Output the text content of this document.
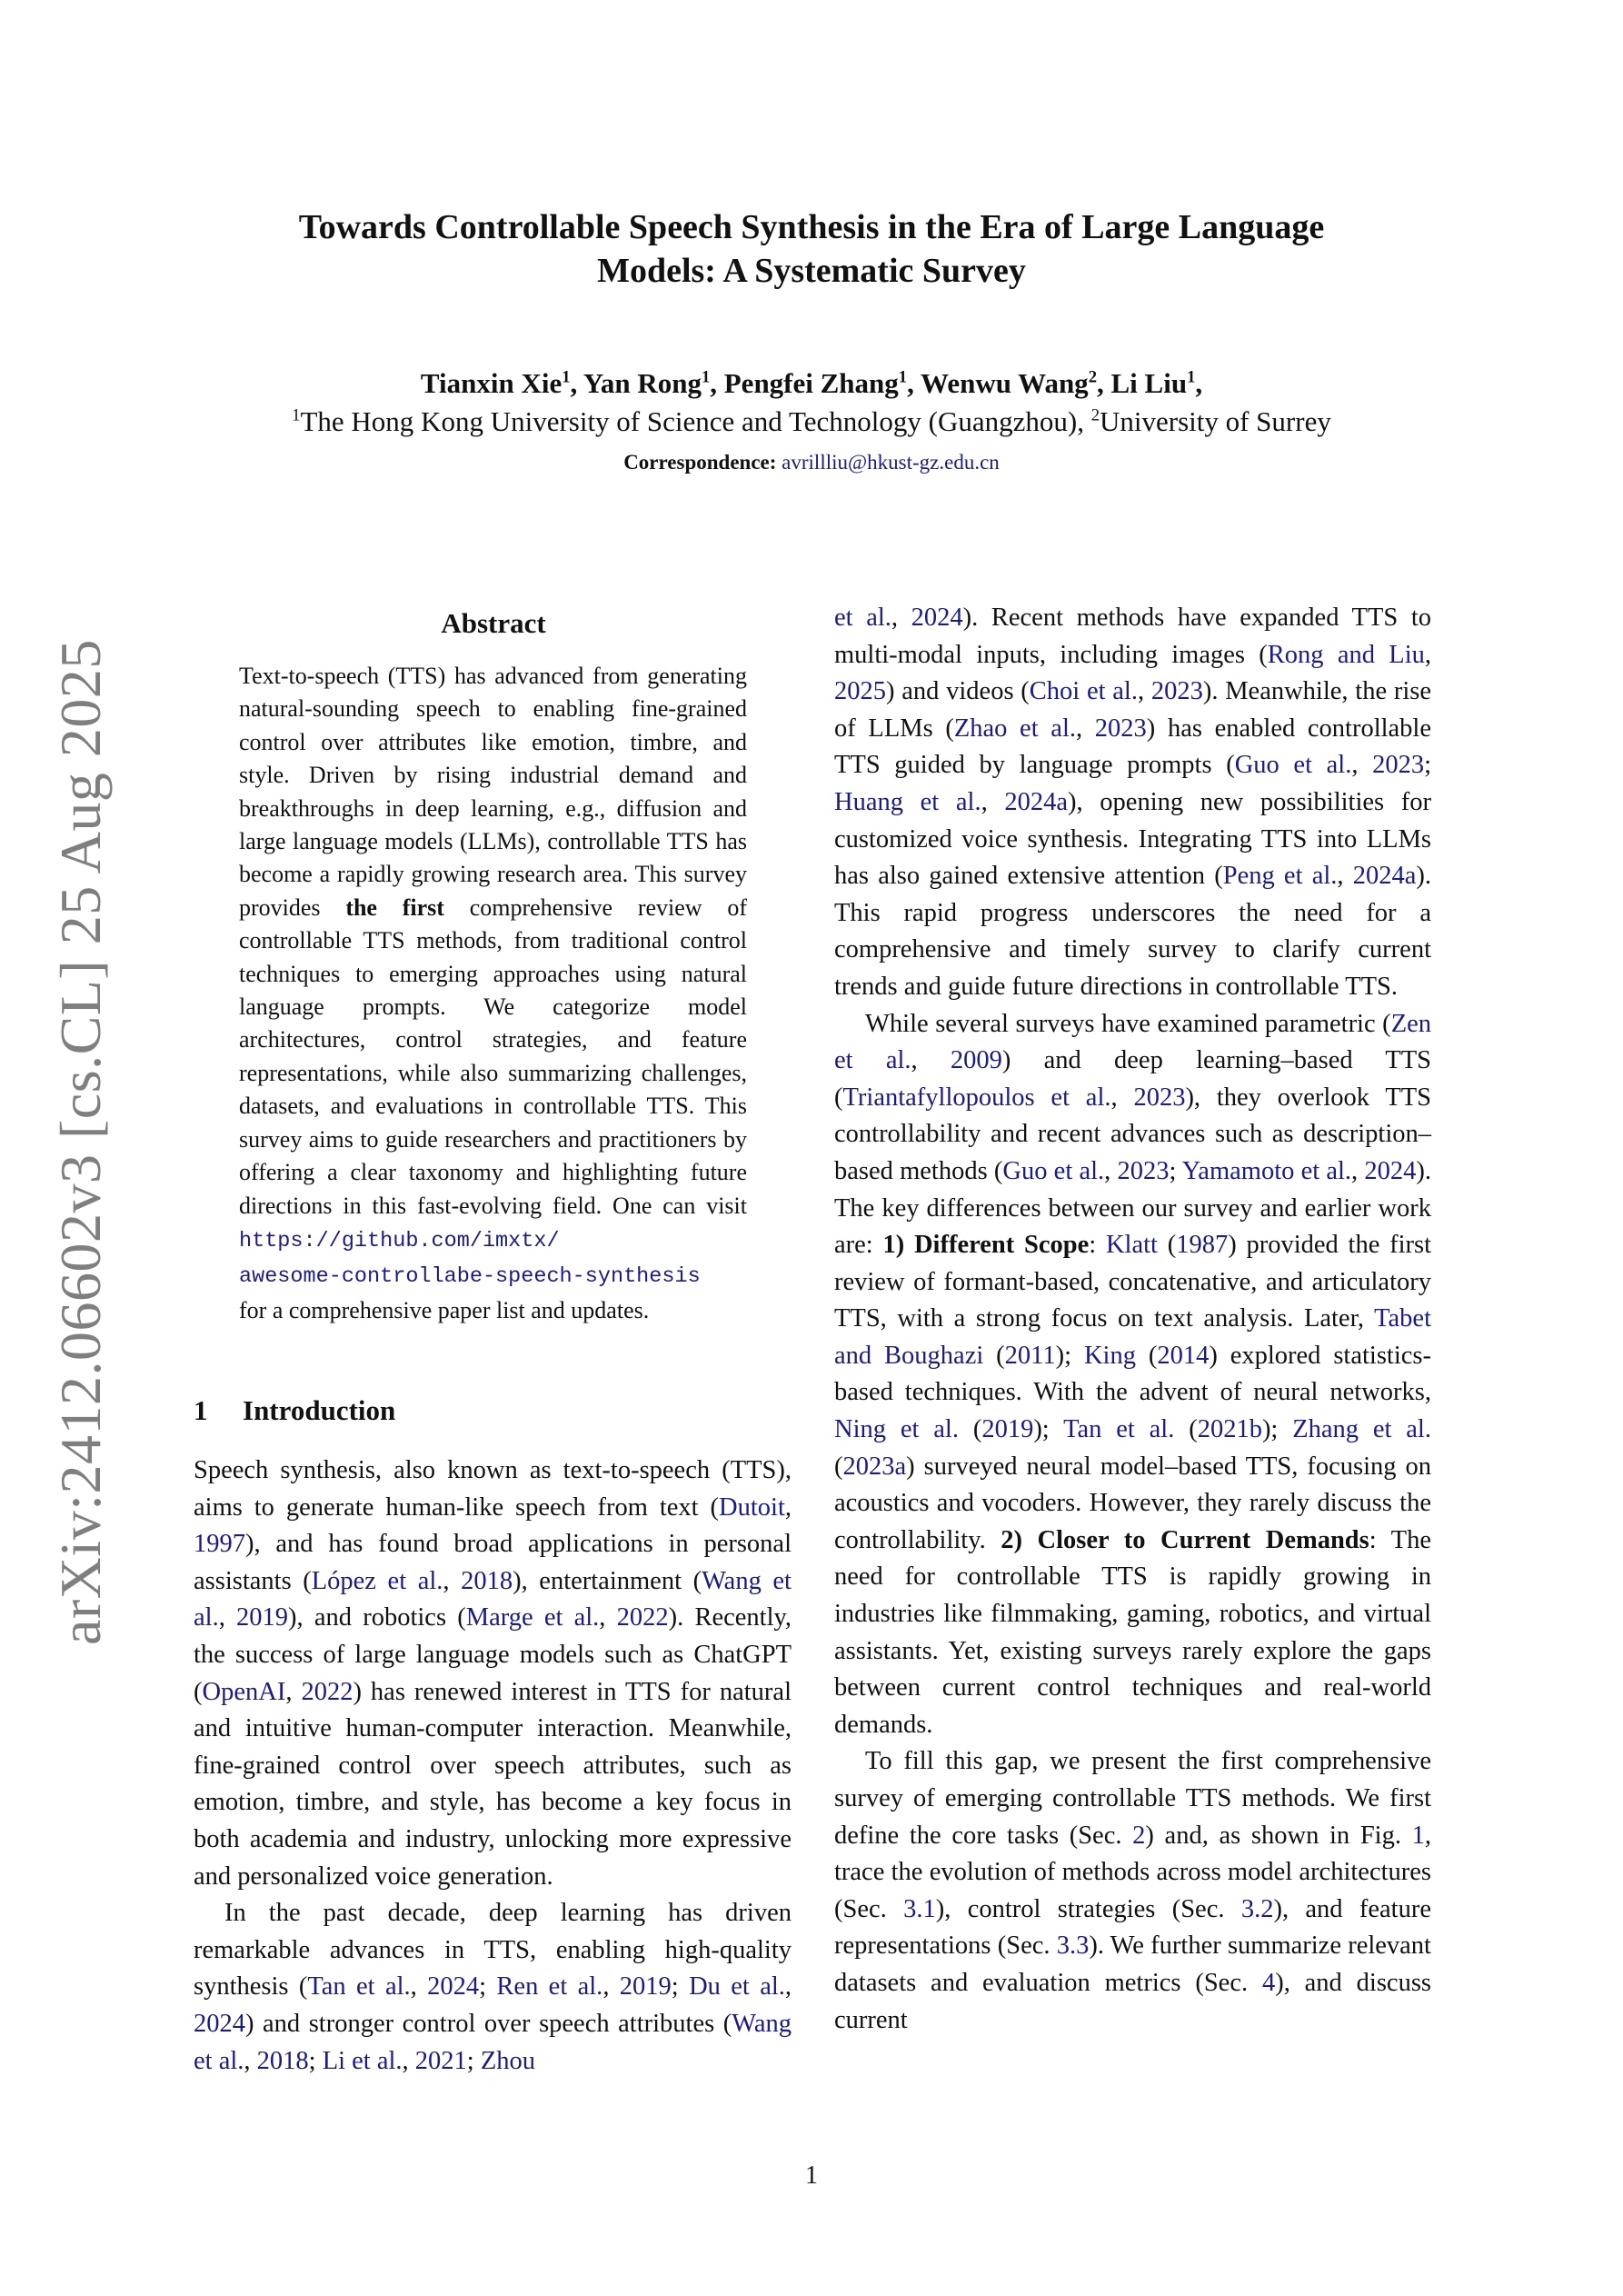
arXiv:2412.06602v3 [cs.CL] 25 Aug 2025
Towards Controllable Speech Synthesis in the Era of Large Language
Models: A Systematic Survey
Tianxin Xie$^1$, Yan Rong$^1$, Pengfei Zhang$^1$, Wenwu Wang$^2$, Li Liu$^1$,
$^1$The Hong Kong University of Science and Technology (Guangzhou), $^2$University of Surrey
Correspondence: avrillliu@hkust-gz.edu.cn
Abstract
Text-to-speech (TTS) has advanced from generating natural-sounding speech to enabling fine-grained control over attributes like emotion, timbre, and style. Driven by rising industrial demand and breakthroughs in deep learning, e.g., diffusion and large language models (LLMs), controllable TTS has become a rapidly growing research area. This survey provides the first comprehensive review of controllable TTS methods, from traditional control techniques to emerging approaches using natural language prompts. We categorize model architectures, control strategies, and feature representations, while also summarizing challenges, datasets, and evaluations in controllable TTS. This survey aims to guide researchers and practitioners by offering a clear taxonomy and highlighting future directions in this fast-evolving field. One can visit https://github.com/imxtx/
awesome-controllabe-speech-synthesis
for a comprehensive paper list and updates.
1 Introduction

Speech synthesis, also known as text-to-speech (TTS), aims to generate human-like speech from text (Dutoit, 1997), and has found broad applications in personal assistants (López et al., 2018), entertainment (Wang et al., 2019), and robotics (Marge et al., 2022). Recently, the success of large language models such as ChatGPT (OpenAI, 2022) has renewed interest in TTS for natural and intuitive human-computer interaction. Meanwhile, fine-grained control over speech attributes, such as emotion, timbre, and style, has become a key focus in both academia and industry, unlocking more expressive and personalized voice generation.

In the past decade, deep learning has driven remarkable advances in TTS, enabling high-quality synthesis (Tan et al., 2024; Ren et al., 2019; Du et al., 2024) and stronger control over speech attributes (Wang et al., 2018; Li et al., 2021; Zhou

et al., 2024). Recent methods have expanded TTS to multi-modal inputs, including images (Rong and Liu, 2025) and videos (Choi et al., 2023). Meanwhile, the rise of LLMs (Zhao et al., 2023) has enabled controllable TTS guided by language prompts (Guo et al., 2023; Huang et al., 2024a), opening new possibilities for customized voice synthesis. Integrating TTS into LLMs has also gained extensive attention (Peng et al., 2024a). This rapid progress underscores the need for a comprehensive and timely survey to clarify current trends and guide future directions in controllable TTS.

While several surveys have examined parametric (Zen et al., 2009) and deep learning–based TTS (Triantafyllopoulos et al., 2023), they overlook TTS controllability and recent advances such as description–based methods (Guo et al., 2023; Yamamoto et al., 2024). The key differences between our survey and earlier work are: 1) Different Scope: Klatt (1987) provided the first review of formant-based, concatenative, and articulatory TTS, with a strong focus on text analysis. Later, Tabet and Boughazi (2011); King (2014) explored statistics-based techniques. With the advent of neural networks, Ning et al. (2019); Tan et al. (2021b); Zhang et al. (2023a) surveyed neural model–based TTS, focusing on acoustics and vocoders. However, they rarely discuss the controllability. 2) Closer to Current Demands: The need for controllable TTS is rapidly growing in industries like filmmaking, gaming, robotics, and virtual assistants. Yet, existing surveys rarely explore the gaps between current control techniques and real-world demands.

To fill this gap, we present the first comprehensive survey of emerging controllable TTS methods. We first define the core tasks (Sec. 2) and, as shown in Fig. 1, trace the evolution of methods across model architectures (Sec. 3.1), control strategies (Sec. 3.2), and feature representations (Sec. 3.3). We further summarize relevant datasets and evaluation metrics (Sec. 4), and discuss current

1
